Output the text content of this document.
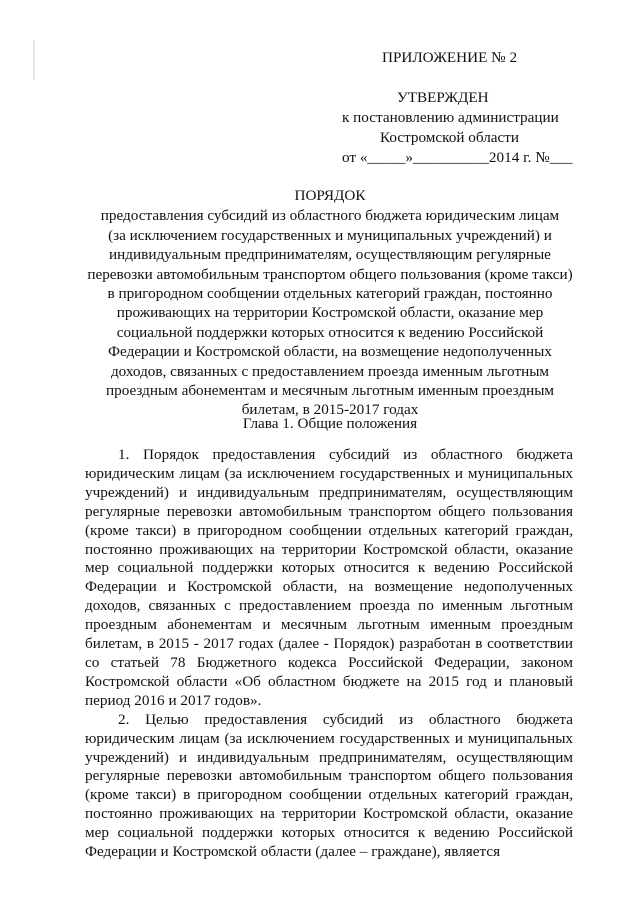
ПРИЛОЖЕНИЕ № 2
УТВЕРЖДЕН
к постановлению администрации
Костромской области
от «_____»__________2014 г. №___
ПОРЯДОК
предоставления субсидий из областного бюджета юридическим лицам
(за исключением государственных и муниципальных учреждений) и
индивидуальным предпринимателям, осуществляющим регулярные
перевозки автомобильным транспортом общего пользования (кроме такси)
в пригородном сообщении отдельных категорий граждан, постоянно
проживающих на территории Костромской области, оказание мер
социальной поддержки которых относится к ведению Российской
Федерации и Костромской области, на возмещение недополученных
доходов, связанных с предоставлением проезда именным льготным
проездным абонементам и месячным льготным именным проездным
билетам, в 2015-2017 годах
Глава 1. Общие положения

1. Порядок предоставления субсидий из областного бюджета юридическим лицам (за исключением государственных и муниципальных учреждений) и индивидуальным предпринимателям, осуществляющим регулярные перевозки автомобильным транспортом общего пользования (кроме такси) в пригородном сообщении отдельных категорий граждан, постоянно проживающих на территории Костромской области, оказание мер социальной поддержки которых относится к ведению Российской Федерации и Костромской области, на возмещение недополученных доходов, связанных с предоставлением проезда по именным льготным проездным абонементам и месячным льготным именным проездным билетам, в 2015 - 2017 годах (далее - Порядок) разработан в соответствии со статьей 78 Бюджетного кодекса Российской Федерации, законом Костромской области «Об областном бюджете на 2015 год и плановый период 2016 и 2017 годов».

2. Целью предоставления субсидий из областного бюджета юридическим лицам (за исключением государственных и муниципальных учреждений) и индивидуальным предпринимателям, осуществляющим регулярные перевозки автомобильным транспортом общего пользования (кроме такси) в пригородном сообщении отдельных категорий граждан, постоянно проживающих на территории Костромской области, оказание мер социальной поддержки которых относится к ведению Российской Федерации и Костромской области (далее – граждане), является
